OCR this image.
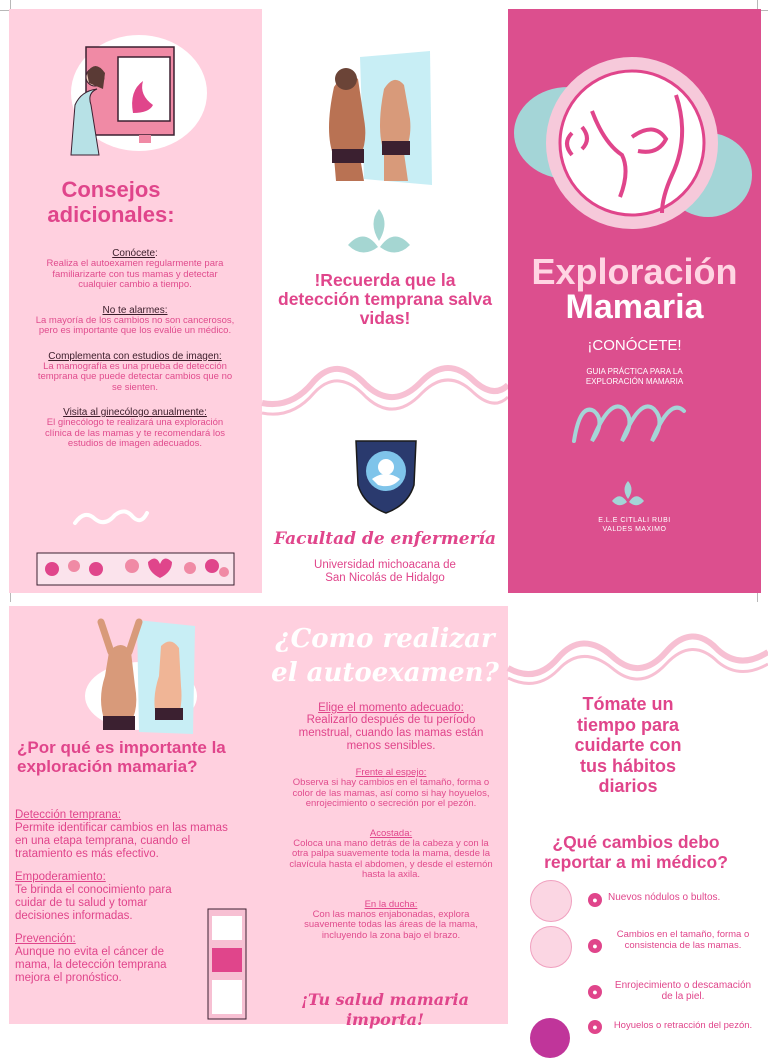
Consejos
adicionales:
Conócete:
Realiza el autoexamen regularmente para familiarizarte con tus mamas y detectar cualquier cambio a tiempo.
No te alarmes:
La mayoría de los cambios no son cancerosos, pero es importante que los evalúe un médico.
Complementa con estudios de imagen:
La mamografía es una prueba de detección temprana que puede detectar cambios que no se sienten.
Visita al ginecólogo anualmente:
El ginecólogo te realizará una exploración clínica de las mamas y te recomendará los estudios de imagen adecuados.
!Recuerda que la detección temprana salva vidas!
Facultad de enfermería
Universidad michoacana de
San Nicolás de Hidalgo
Exploración
Mamaria
¡CONÓCETE!
GUIA PRÁCTICA PARA LA
EXPLORACIÓN MAMARIA
E.L.E CITLALI RUBI
VALDES MAXIMO
¿Por qué es importante la exploración mamaria?
Detección temprana:
Permite identificar cambios en las mamas en una etapa temprana, cuando el tratamiento es más efectivo.
Empoderamiento:
Te brinda el conocimiento para cuidar de tu salud y tomar decisiones informadas.
Prevención:
Aunque no evita el cáncer de mama, la detección temprana mejora el pronóstico.
¿Como realizar
el autoexamen?
Elige el momento adecuado:
Realizarlo después de tu período menstrual, cuando las mamas están menos sensibles.
Frente al espejo:
Observa si hay cambios en el tamaño, forma o color de las mamas, así como si hay hoyuelos, enrojecimiento o secreción por el pezón.
Acostada:
Coloca una mano detrás de la cabeza y con la otra palpa suavemente toda la mama, desde la clavícula hasta el abdomen, y desde el esternón hasta la axila.
En la ducha:
Con las manos enjabonadas, explora suavemente todas las áreas de la mama, incluyendo la zona bajo el brazo.
¡Tu salud mamaria importa!
Tómate un tiempo para cuidarte con tus hábitos diarios
¿Qué cambios debo reportar a mi médico?
●	Nuevos nódulos o bultos.
●
Cambios en el tamaño, forma o consistencia de las mamas.
●
Enrojecimiento o descamación de la piel.
●	Hoyuelos o retracción del pezón.
